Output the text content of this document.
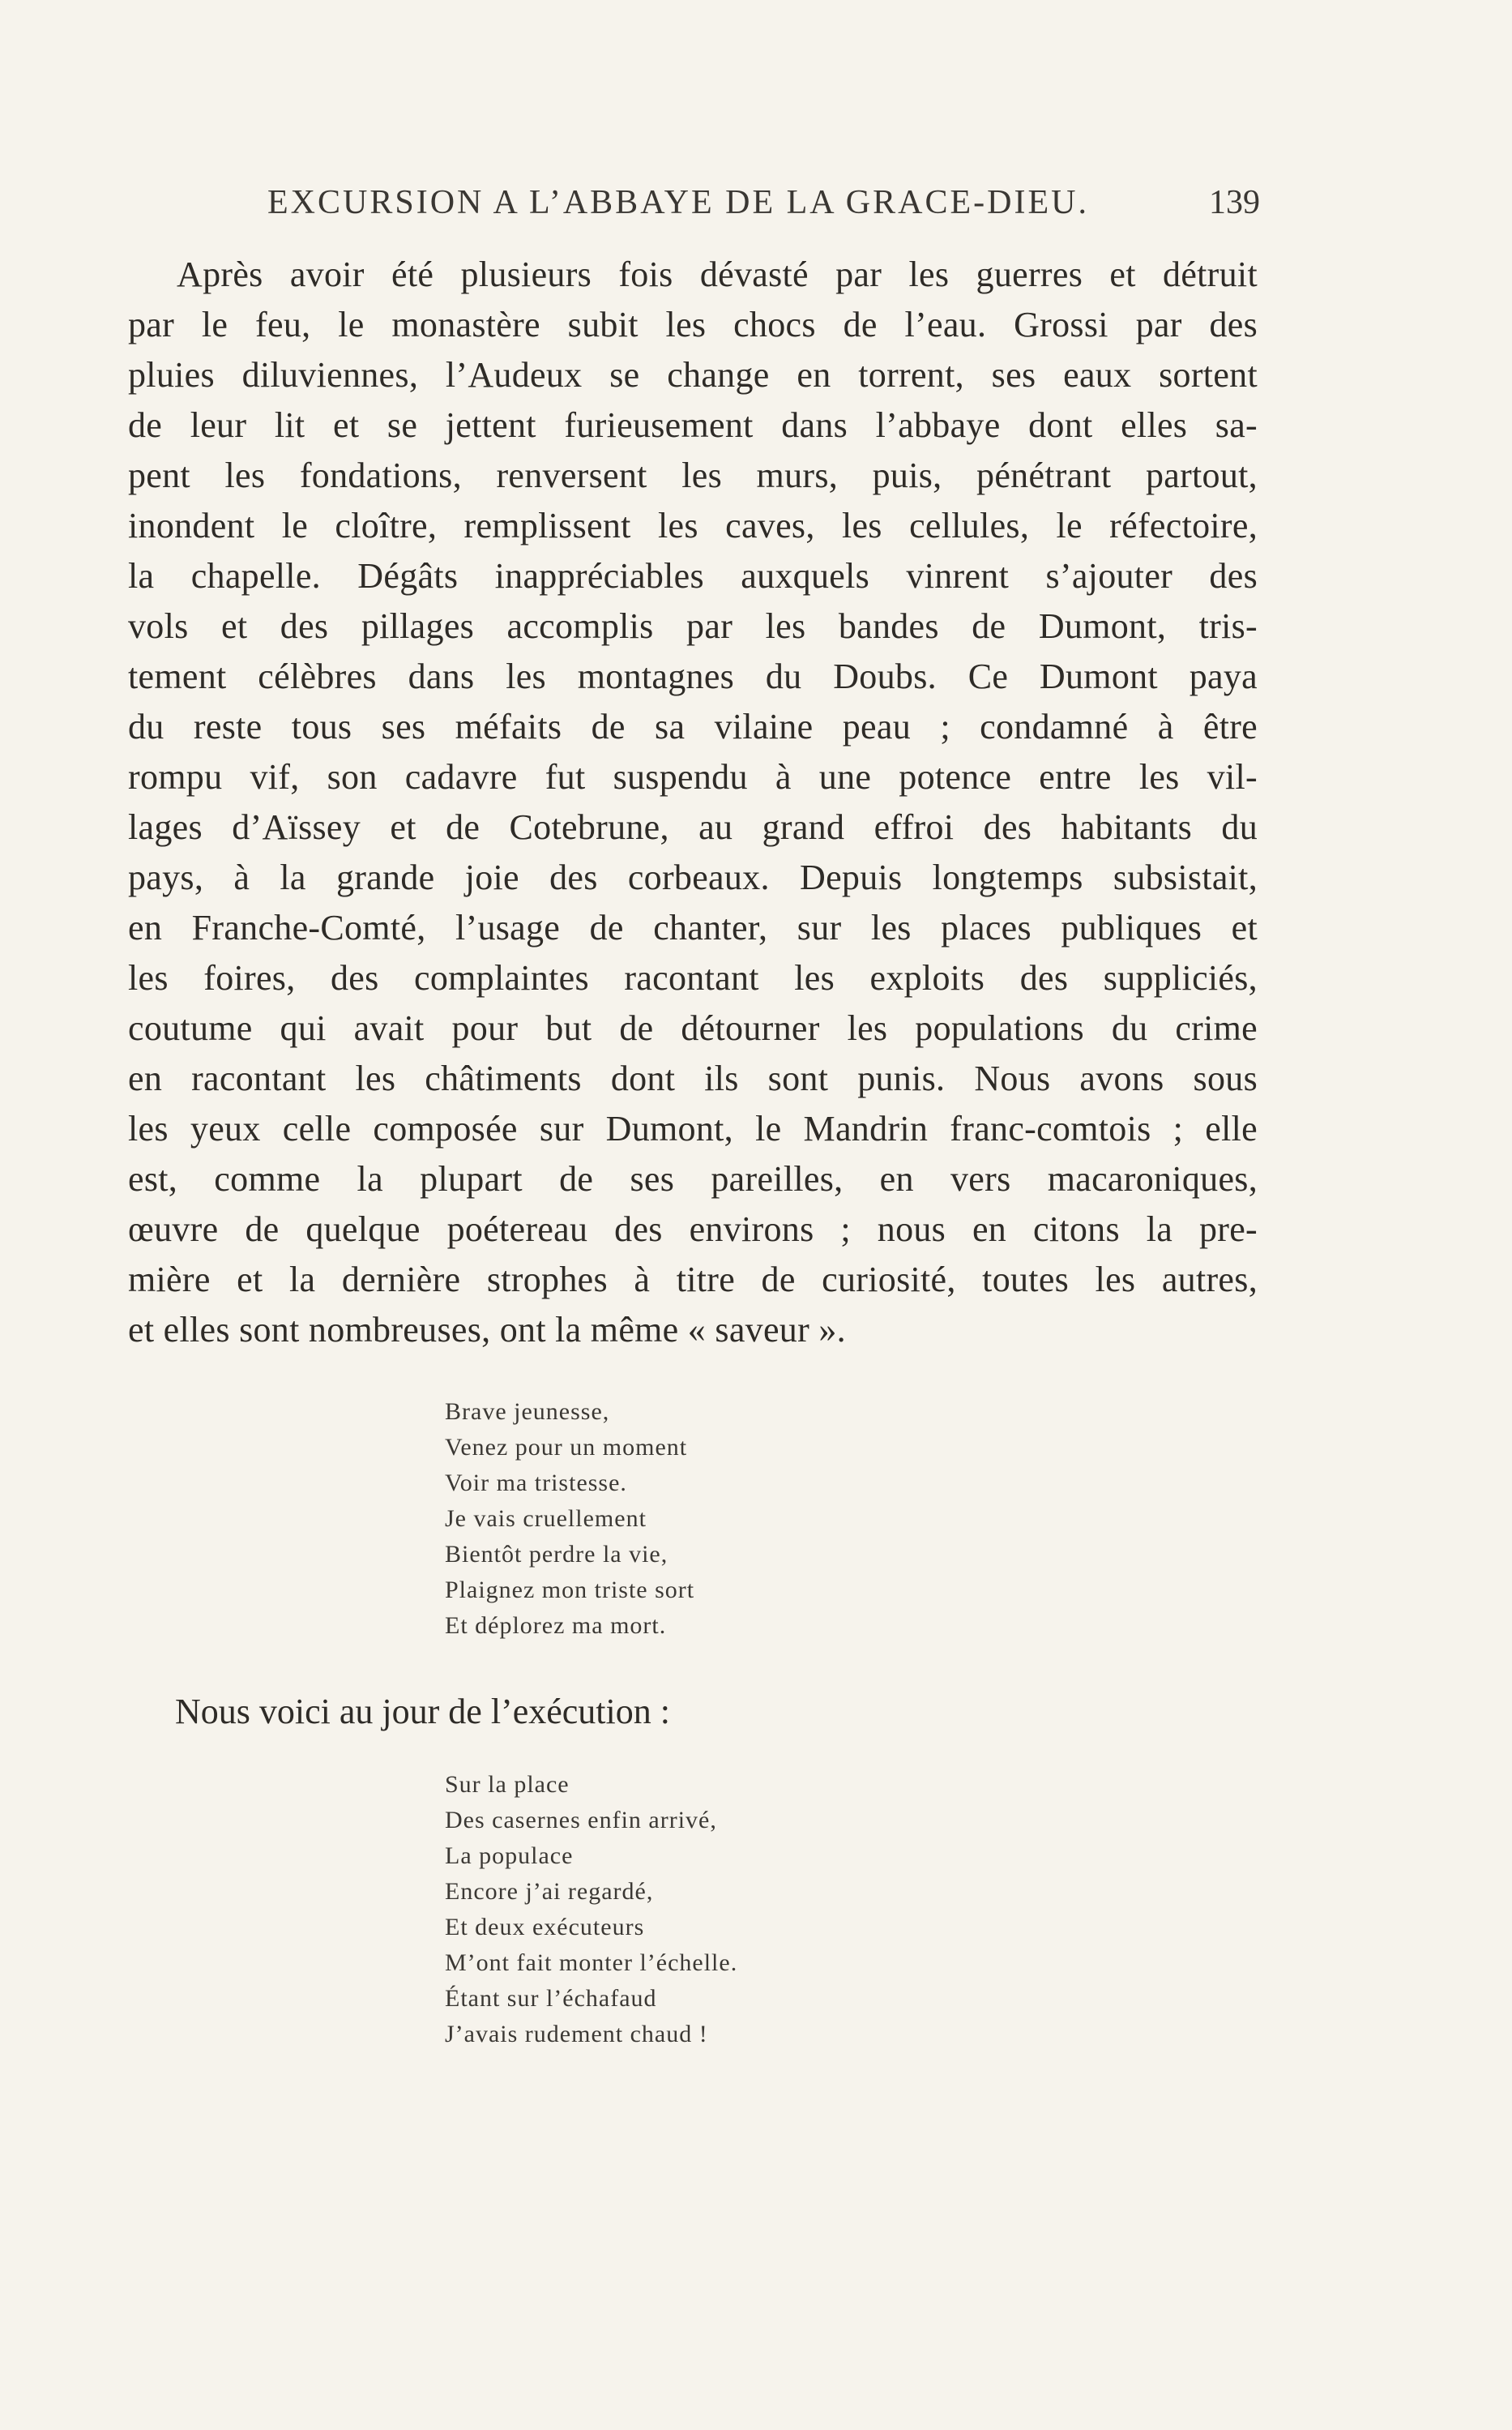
EXCURSION A L’ABBAYE DE LA GRACE-DIEU.	139
Après avoir été plusieurs fois dévasté par les guerres et détruit
par le feu, le monastère subit les chocs de l’eau. Grossi par des
pluies diluviennes, l’Audeux se change en torrent, ses eaux sortent
de leur lit et se jettent furieusement dans l’abbaye dont elles sa-
pent les fondations, renversent les murs, puis, pénétrant partout,
inondent le cloître, remplissent les caves, les cellules, le réfectoire,
la chapelle. Dégâts inappréciables auxquels vinrent s’ajouter des
vols et des pillages accomplis par les bandes de Dumont, tris-
tement célèbres dans les montagnes du Doubs. Ce Dumont paya
du reste tous ses méfaits de sa vilaine peau ; condamné à être
rompu vif, son cadavre fut suspendu à une potence entre les vil-
lages d’Aïssey et de Cotebrune, au grand effroi des habitants du
pays, à la grande joie des corbeaux. Depuis longtemps subsistait,
en Franche-Comté, l’usage de chanter, sur les places publiques et
les foires, des complaintes racontant les exploits des suppliciés,
coutume qui avait pour but de détourner les populations du crime
en racontant les châtiments dont ils sont punis. Nous avons sous
les yeux celle composée sur Dumont, le Mandrin franc-comtois ; elle
est, comme la plupart de ses pareilles, en vers macaroniques,
œuvre de quelque poétereau des environs ; nous en citons la pre-
mière et la dernière strophes à titre de curiosité, toutes les autres,
et elles sont nombreuses, ont la même « saveur ».
Brave jeunesse,
Venez pour un moment
Voir ma tristesse.
Je vais cruellement
Bientôt perdre la vie,
Plaignez mon triste sort
Et déplorez ma mort.
Nous voici au jour de l’exécution :
Sur la place
Des casernes enfin arrivé,
La populace
Encore j’ai regardé,
Et deux exécuteurs
M’ont fait monter l’échelle.
Étant sur l’échafaud
J’avais rudement chaud !
